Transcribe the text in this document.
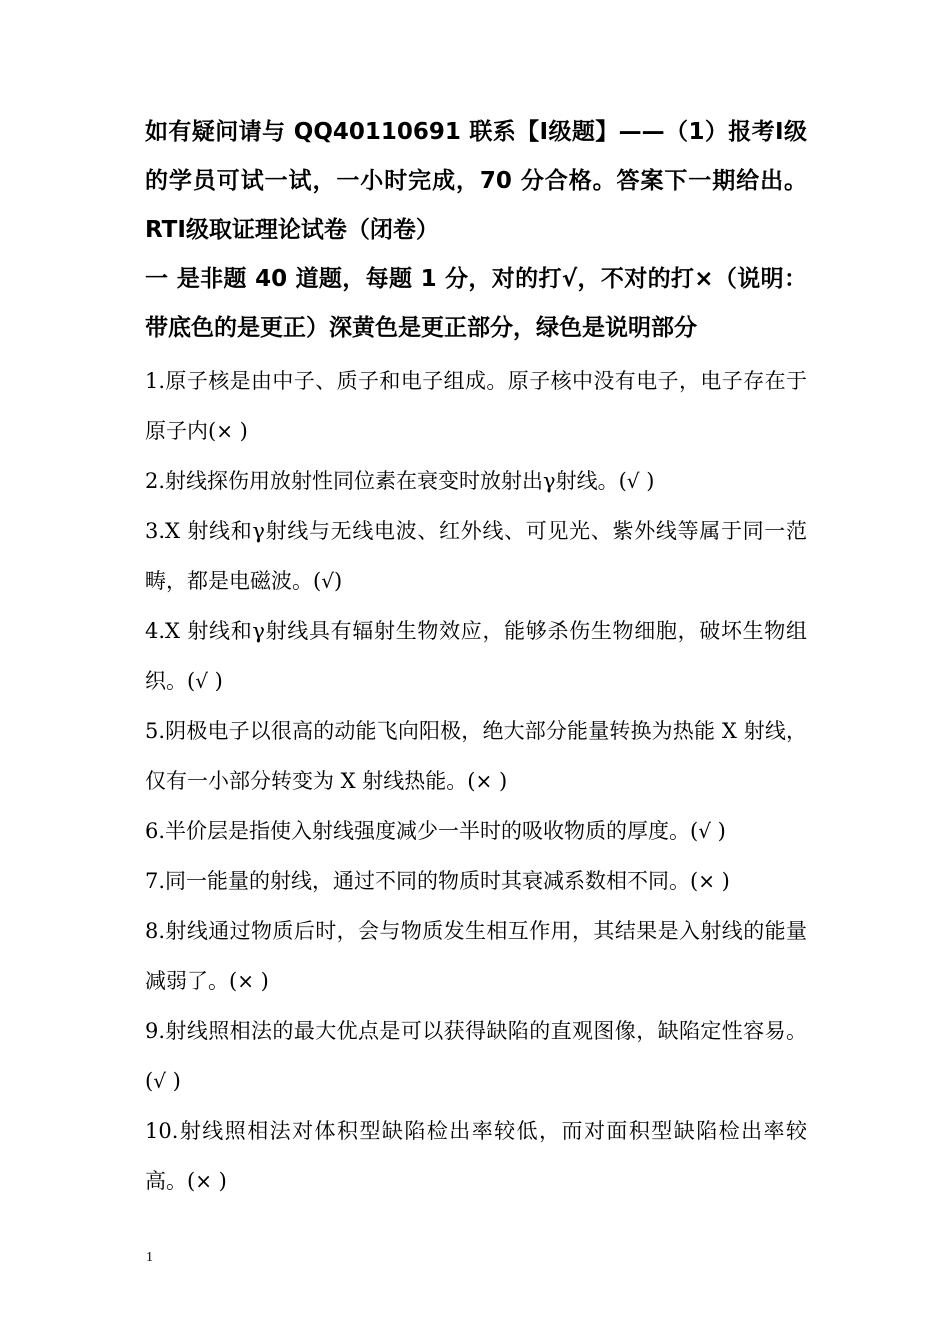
如有疑问请与 QQ40110691 联系【Ⅰ级题】——（1）报考Ⅰ级的学员可试一试，一小时完成，70 分合格。答案下一期给出。RTⅠ级取证理论试卷（闭卷）

一 是非题 40 道题，每题 1 分，对的打√，不对的打×（说明：带底色的是更正）深黄色是更正部分，绿色是说明部分

1.原子核是由中子、质子和电子组成。原子核中没有电子，电子存在于原子内(× )

2.射线探伤用放射性同位素在衰变时放射出γ射线。(√ )

3.X 射线和γ射线与无线电波、红外线、可见光、紫外线等属于同一范畴，都是电磁波。(√)

4.X 射线和γ射线具有辐射生物效应，能够杀伤生物细胞，破坏生物组织。(√ )

5.阴极电子以很高的动能飞向阳极，绝大部分能量转换为热能 X 射线，仅有一小部分转变为 X 射线热能。(× )

6.半价层是指使入射线强度减少一半时的吸收物质的厚度。(√ )

7.同一能量的射线，通过不同的物质时其衰减系数相不同。(× )

8.射线通过物质后时，会与物质发生相互作用，其结果是入射线的能量减弱了。(× )

9.射线照相法的最大优点是可以获得缺陷的直观图像，缺陷定性容易。(√ )

10.射线照相法对体积型缺陷检出率较低，而对面积型缺陷检出率较高。(× )

1
